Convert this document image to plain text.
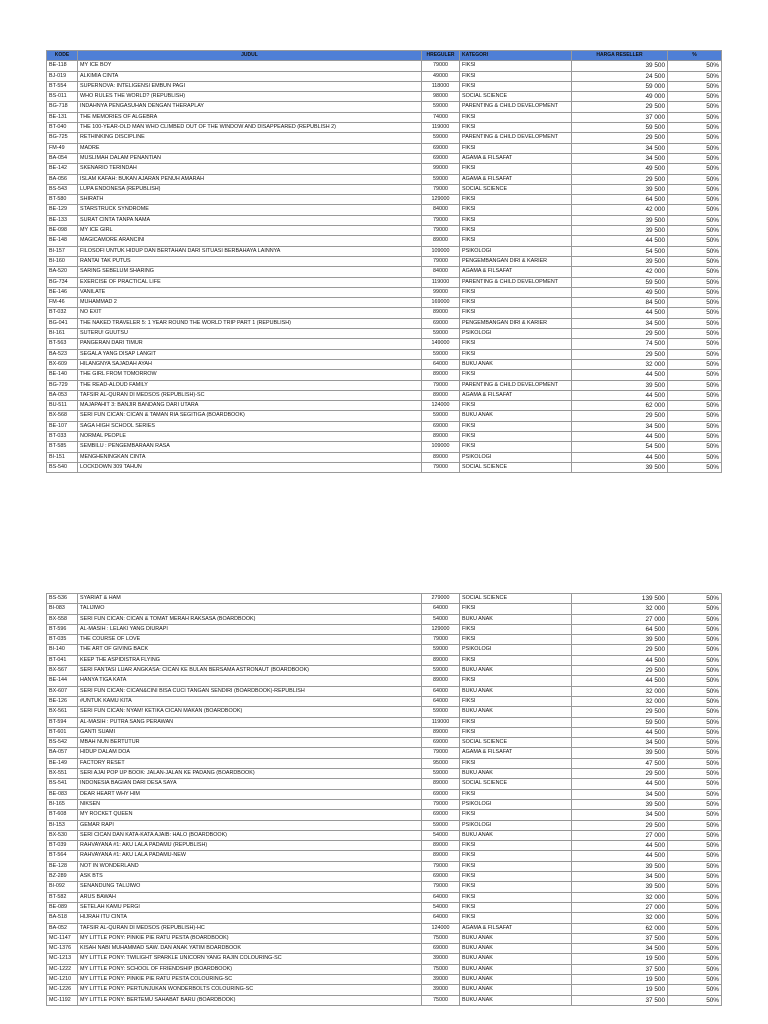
KODE	JUDUL	HREGULER	KATEGORI	HARGA RESELLER	%
BE-118	MY ICE BOY	79000	FIKSI	39 500	50%
BJ-019	ALKIMIA CINTA	49000	FIKSI	24 500	50%
BT-554	SUPERNOVA: INTELIGENSI EMBUN PAGI	118000	FIKSI	59 000	50%
BS-011	WHO RULES THE WORLD? (REPUBLISH)	98000	SOCIAL SCIENCE	49 000	50%
BG-718	INDAHNYA PENGASUHAN DENGAN THERAPLAY	59000	PARENTING & CHILD DEVELOPMENT	29 500	50%
BE-131	THE MEMORIES OF ALGEBRA	74000	FIKSI	37 000	50%
BT-040	THE 100-YEAR-OLD MAN WHO CLIMBED OUT OF THE WINDOW AND DISAPPEARED (REPUBLISH 2)	119000	FIKSI	59 500	50%
BG-725	RETHINKING DISCIPLINE	59000	PARENTING & CHILD DEVELOPMENT	29 500	50%
FM-49	MADRE	69000	FIKSI	34 500	50%
BA-054	MUSLIMAH DALAM PENANTIAN	69000	AGAMA & FILSAFAT	34 500	50%
BE-142	SKENARIO TERINDAH	99000	FIKSI	49 500	50%
BA-056	ISLAM KAFAH: BUKAN AJARAN PENUH AMARAH	59000	AGAMA & FILSAFAT	29 500	50%
BS-543	LUPA ENDONESA (REPUBLISH)	79000	SOCIAL SCIENCE	39 500	50%
BT-580	SHIRATH	129000	FIKSI	64 500	50%
BE-129	STARSTRUCK SYNDROME	84000	FIKSI	42 000	50%
BE-133	SURAT CINTA TANPA NAMA	79000	FIKSI	39 500	50%
BE-098	MY ICE GIRL	79000	FIKSI	39 500	50%
BE-148	MAGICAMORE ARANCINI	89000	FIKSI	44 500	50%
BI-157	FILOSOFI UNTUK HIDUP DAN BERTAHAN DARI SITUASI BERBAHAYA LAINNYA	109000	PSIKOLOGI	54 500	50%
BI-160	RANTAI TAK PUTUS	79000	PENGEMBANGAN DIRI & KARIER	39 500	50%
BA-520	SARING SEBELUM SHARING	84000	AGAMA & FILSAFAT	42 000	50%
BG-734	EXERCISE OF PRACTICAL LIFE	119000	PARENTING & CHILD DEVELOPMENT	59 500	50%
BE-146	VANILATE	99000	FIKSI	49 500	50%
FM-46	MUHAMMAD 2	169000	FIKSI	84 500	50%
BT-032	NO EXIT	89000	FIKSI	44 500	50%
BG-041	THE NAKED TRAVELER 5: 1 YEAR ROUND THE WORLD TRIP PART 1 (REPUBLISH)	69000	PENGEMBANGAN DIRI & KARIER	34 500	50%
BI-161	SUTERU! GUUTSU	59000	PSIKOLOGI	29 500	50%
BT-563	PANGERAN DARI TIMUR	149000	FIKSI	74 500	50%
BA-523	SEGALA YANG DISAP LANGIT	59000	FIKSI	29 500	50%
BX-609	HILANGNYA SAJADAH AYAH	64000	BUKU ANAK	32 000	50%
BE-140	THE GIRL FROM TOMORROW	89000	FIKSI	44 500	50%
BG-729	THE READ-ALOUD FAMILY	79000	PARENTING & CHILD DEVELOPMENT	39 500	50%
BA-053	TAFSIR AL-QURAN DI MEDSOS (REPUBLISH)-SC	89000	AGAMA & FILSAFAT	44 500	50%
BU-511	MAJAPAHIT 3: BANJIR BANDANG DARI UTARA	124000	FIKSI	62 000	50%
BX-568	SERI FUN CICAN: CICAN & TAMAN RIA SEGITIGA (BOARDBOOK)	59000	BUKU ANAK	29 500	50%
BE-107	SAGA HIGH SCHOOL SERIES	69000	FIKSI	34 500	50%
BT-033	NORMAL PEOPLE	89000	FIKSI	44 500	50%
BT-585	SEMBILU : PENGEMBARAAN RASA	109000	FIKSI	54 500	50%
BI-151	MENGHENINGKAN CINTA	89000	PSIKOLOGI	44 500	50%
BS-540	LOCKDOWN 309 TAHUN	79000	SOCIAL SCIENCE	39 500	50%
BS-536	SYARIAT & HAM	279000	SOCIAL SCIENCE	139 500	50%
BI-083	TALIJIWO	64000	FIKSI	32 000	50%
BX-558	SERI FUN CICAN: CICAN & TOMAT MERAH RAKSASA (BOARDBOOK)	54000	BUKU ANAK	27 000	50%
BT-596	AL-MASIH : LELAKI YANG DIURAPI	129000	FIKSI	64 500	50%
BT-035	THE COURSE OF LOVE	79000	FIKSI	39 500	50%
BI-140	THE ART OF GIVING BACK	59000	PSIKOLOGI	29 500	50%
BT-041	KEEP THE ASPIDISTRA FLYING	89000	FIKSI	44 500	50%
BX-567	SERI FANTASI LUAR ANGKASA: CICAN KE BULAN BERSAMA ASTRONAUT (BOARDBOOK)	59000	BUKU ANAK	29 500	50%
BE-144	HANYA TIGA KATA	89000	FIKSI	44 500	50%
BX-607	SERI FUN CICAN: CICAN&CINI BISA CUCI TANGAN SENDIRI (BOARDBOOK)-REPUBLISH	64000	BUKU ANAK	32 000	50%
BE-126	#UNTUK KAMU KITA	64000	FIKSI	32 000	50%
BX-561	SERI FUN CICAN: NYAM! KETIKA CICAN MAKAN (BOARDBOOK)	59000	BUKU ANAK	29 500	50%
BT-594	AL-MASIH : PUTRA SANG PERAWAN	119000	FIKSI	59 500	50%
BT-601	GANTI SUAMI	89000	FIKSI	44 500	50%
BS-542	MBAH NUN BERTUTUR	69000	SOCIAL SCIENCE	34 500	50%
BA-057	HIDUP DALAM DOA	79000	AGAMA & FILSAFAT	39 500	50%
BE-149	FACTORY RESET	95000	FIKSI	47 500	50%
BX-551	SERI AJAI POP UP BOOK: JALAN-JALAN KE PADANG (BOARDBOOK)	59000	BUKU ANAK	29 500	50%
BS-541	INDONESIA BAGIAN DARI DESA SAYA	89000	SOCIAL SCIENCE	44 500	50%
BE-083	DEAR HEART WHY HIM	69000	FIKSI	34 500	50%
BI-165	NIKSEN	79000	PSIKOLOGI	39 500	50%
BT-608	MY ROCKET QUEEN	69000	FIKSI	34 500	50%
BI-153	GEMAR RAPI	59000	PSIKOLOGI	29 500	50%
BX-530	SERI CICAN DAN KATA-KATA AJAIB: HALO (BOARDBOOK)	54000	BUKU ANAK	27 000	50%
BT-039	RAHVAYANA #1: AKU LALA PADAMU (REPUBLISH)	89000	FIKSI	44 500	50%
BT-564	RAHVAYANA #1: AKU LALA PADAMU-NEW	89000	FIKSI	44 500	50%
BE-128	NOT IN WONDERLAND	79000	FIKSI	39 500	50%
BZ-289	ASK BTS	69000	FIKSI	34 500	50%
BI-092	SENANDUNG TALIJIWO	79000	FIKSI	39 500	50%
BT-582	ARUS BAWAH	64000	FIKSI	32 000	50%
BE-089	SETELAH KAMU PERGI	54000	FIKSI	27 000	50%
BA-518	HIJRAH ITU CINTA	64000	FIKSI	32 000	50%
BA-052	TAFSIR AL-QURAN DI MEDSOS (REPUBLISH)-HC	124000	AGAMA & FILSAFAT	62 000	50%
MC-1147	MY LITTLE PONY: PINKIE PIE RATU PESTA (BOARDBOOK)	75000	BUKU ANAK	37 500	50%
MC-1376	KISAH NABI MUHAMMAD SAW. DAN ANAK YATIM BOARDBOOK	69000	BUKU ANAK	34 500	50%
MC-1213	MY LITTLE PONY: TWILIGHT SPARKLE UNICORN YANG RAJIN COLOURING-SC	39000	BUKU ANAK	19 500	50%
MC-1222	MY LITTLE PONY: SCHOOL OF FRIENDSHIP (BOARDBOOK)	75000	BUKU ANAK	37 500	50%
MC-1210	MY LITTLE PONY: PINKIE PIE RATU PESTA COLOURING-SC	39000	BUKU ANAK	19 500	50%
MC-1226	MY LITTLE PONY: PERTUNJUKAN WONDERBOLTS COLOURING-SC	39000	BUKU ANAK	19 500	50%
MC-1192	MY LITTLE PONY: BERTEMU SAHABAT BARU (BOARDBOOK)	75000	BUKU ANAK	37 500	50%
